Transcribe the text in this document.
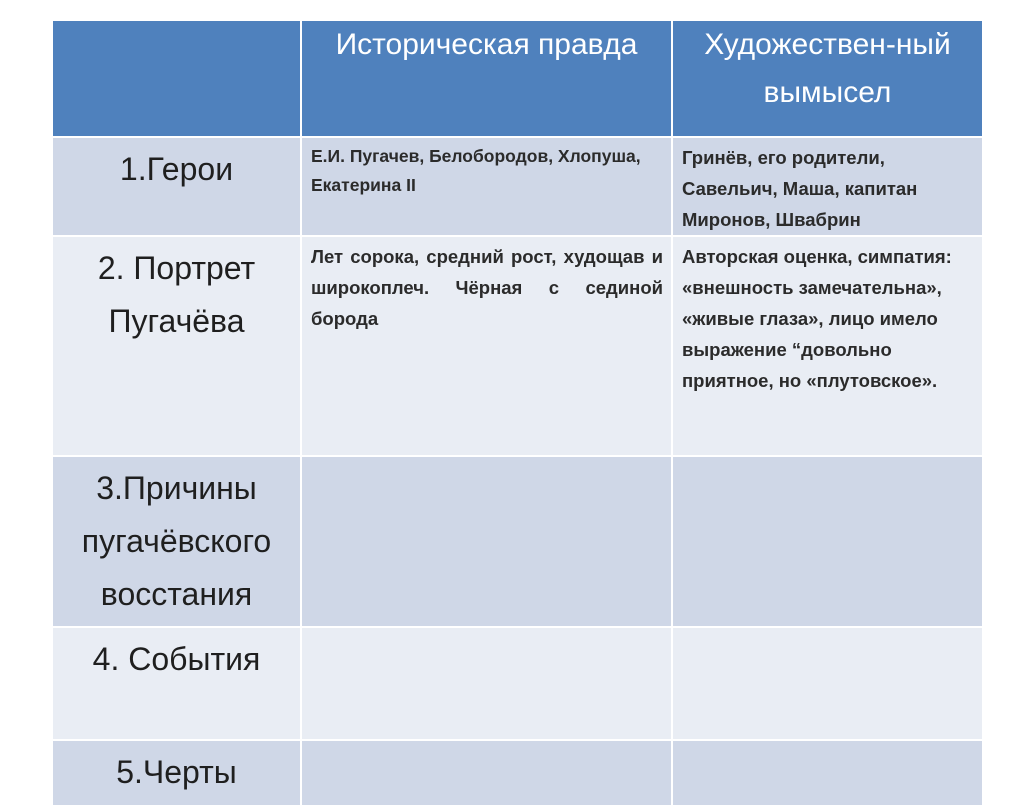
	Историческая правда	Художествен-ный вымысел

1.Герои	Е.И. Пугачев, Белобородов, Хлопуша, Екатерина II	Гринёв, его родители, Савельич, Маша, капитан Миронов, Швабрин

2. Портрет Пугачёва	Лет сорока, средний рост, худощав и широкоплеч. Чёрная с сединой борода	Авторская оценка, симпатия: «внешность замечательна», «живые глаза», лицо имело выражение “довольно приятное, но «плутовское».

3.Причины пугачёвского восстания		

4. События		

5.Черты		
